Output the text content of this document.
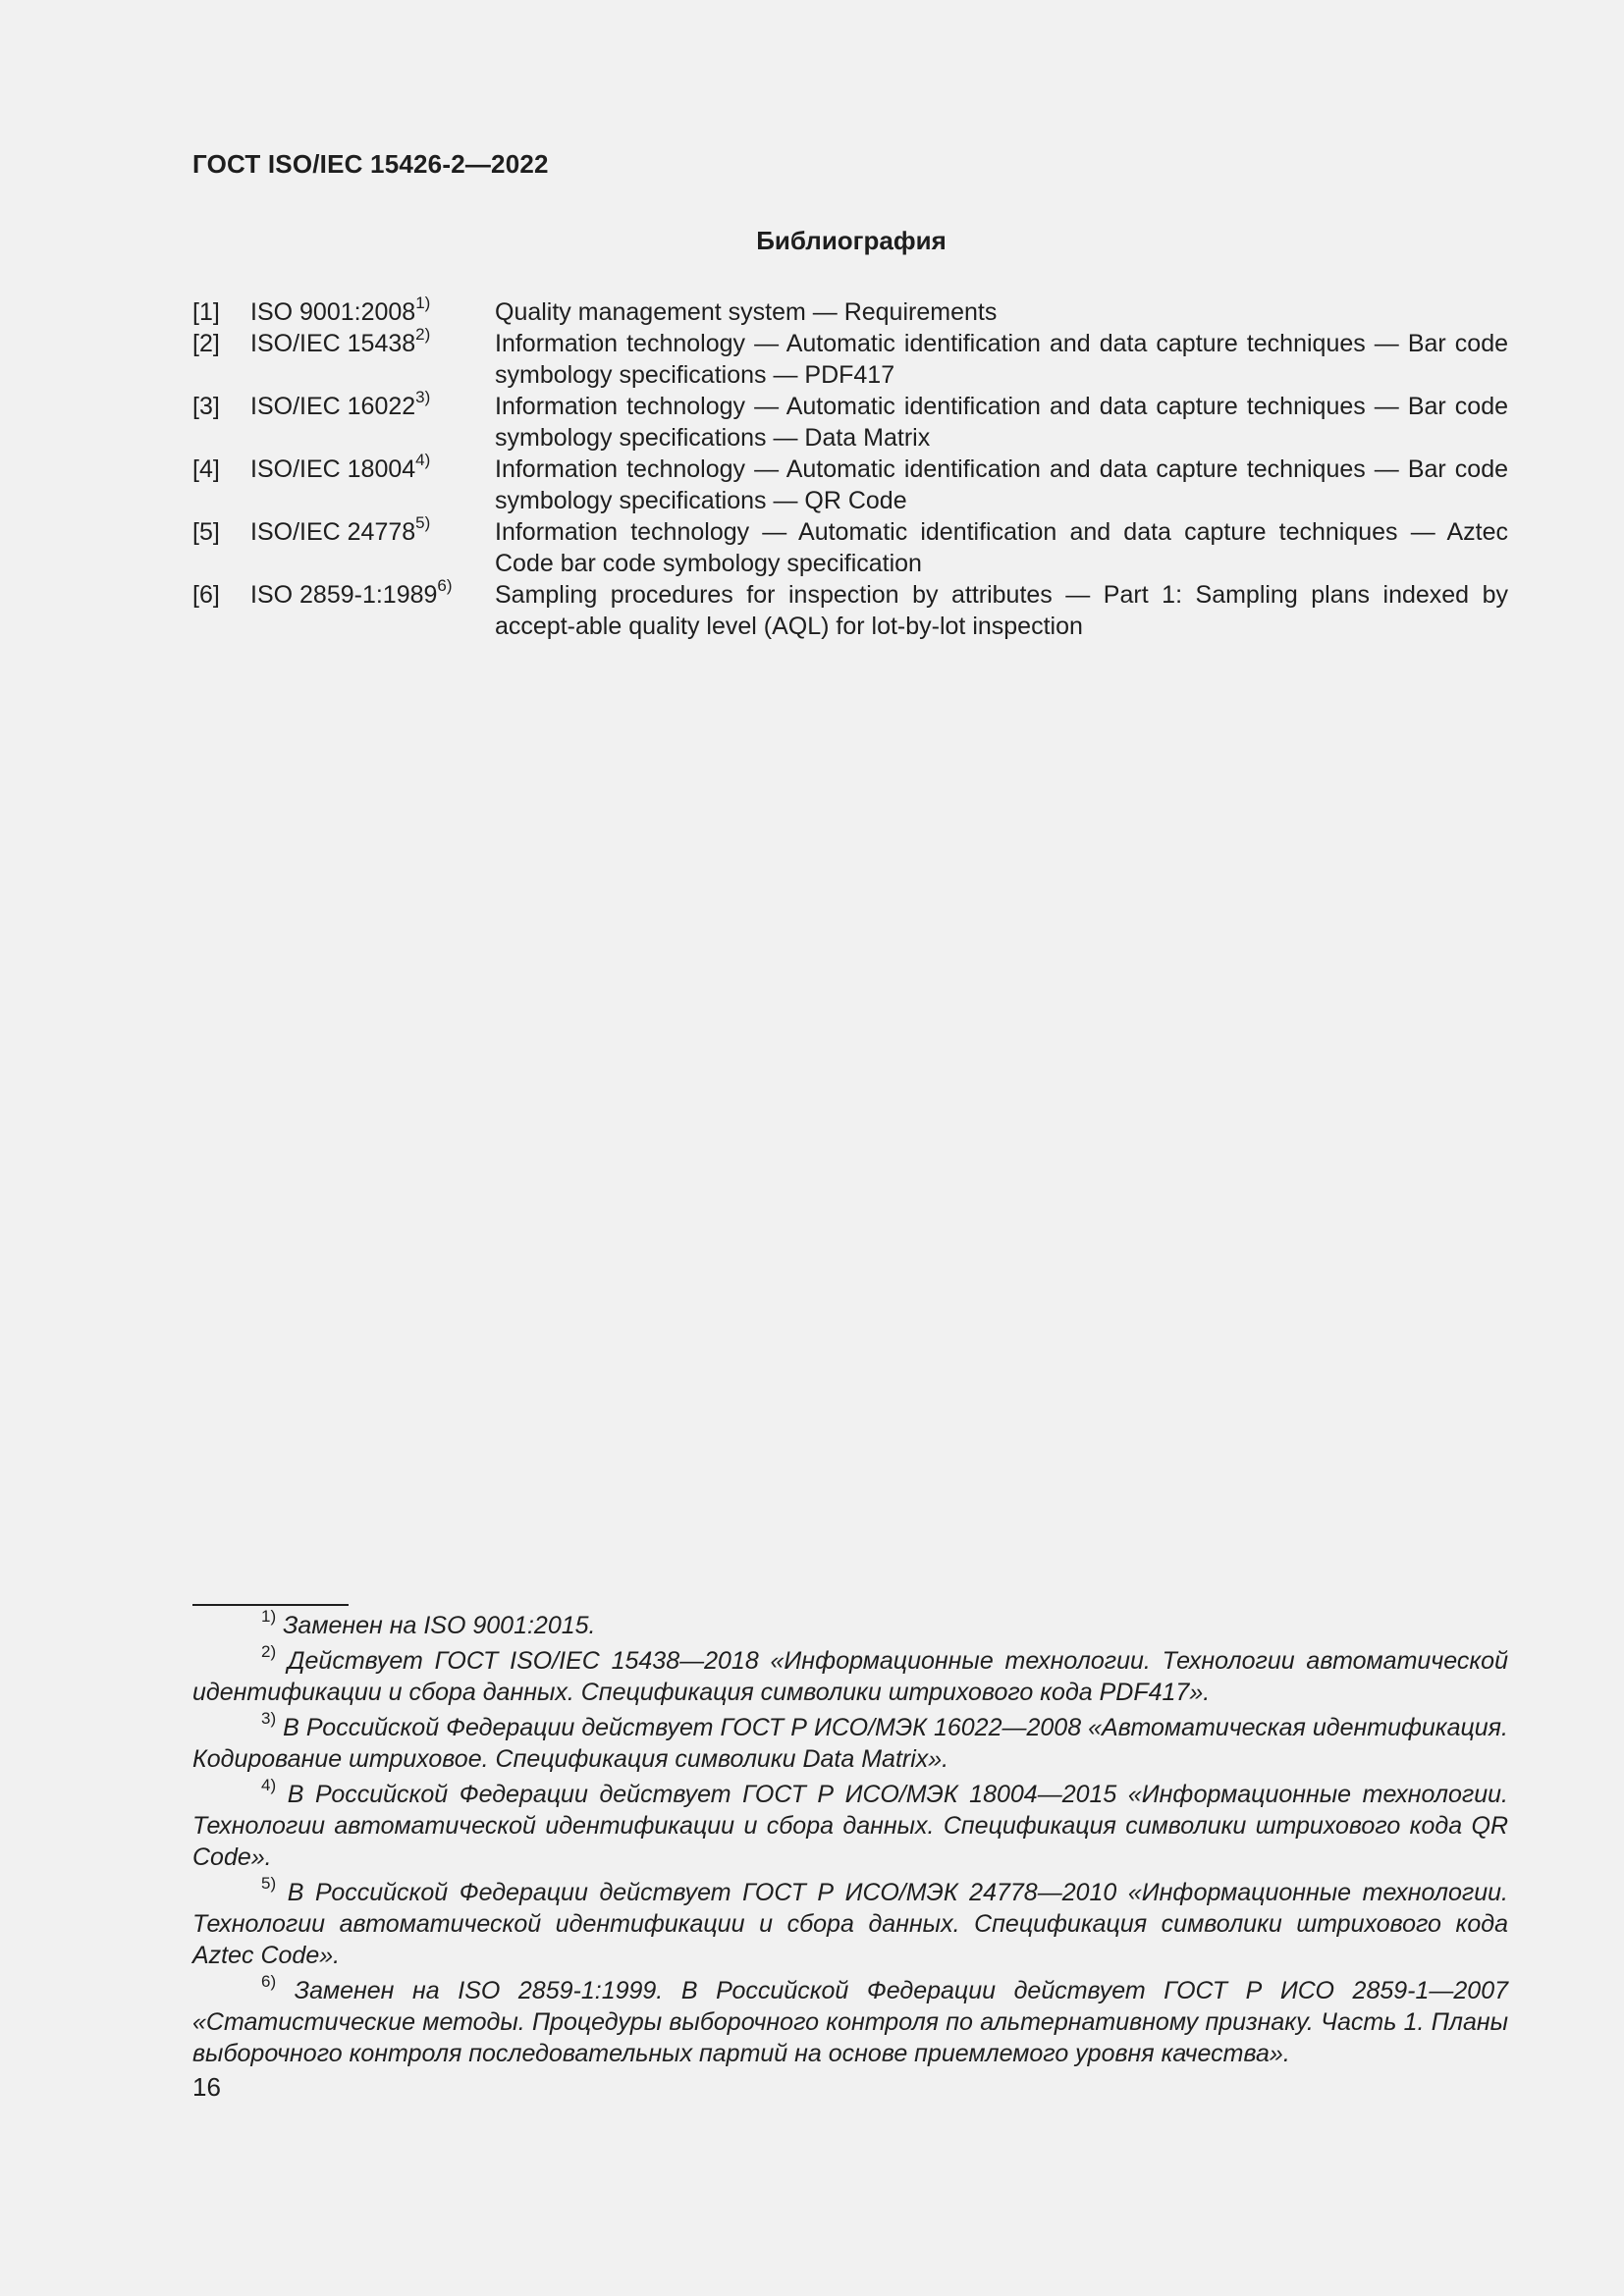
ГОСТ ISO/IEC 15426-2—2022
Библиография
[1]	ISO 9001:2008$^{1)}$	Quality management system — Requirements
[2]	ISO/IEC 15438$^{2)}$	Information technology — Automatic identification and data capture techniques — Bar code symbology specifications — PDF417
[3]	ISO/IEC 16022$^{3)}$	Information technology — Automatic identification and data capture techniques — Bar code symbology specifications — Data Matrix
[4]	ISO/IEC 18004$^{4)}$	Information technology — Automatic identification and data capture techniques — Bar code symbology specifications — QR Code
[5]	ISO/IEC 24778$^{5)}$	Information technology — Automatic identification and data capture techniques — Aztec Code bar code symbology specification
[6]	ISO 2859-1:1989$^{6)}$	Sampling procedures for inspection by attributes — Part 1: Sampling plans indexed by accept-able quality level (AQL) for lot-by-lot inspection
$^{1)}$ Заменен на ISO 9001:2015.
$^{2)}$ Действует ГОСТ ISO/IEC 15438—2018 «Информационные технологии. Технологии автоматической идентификации и сбора данных. Спецификация символики штрихового кода PDF417».
$^{3)}$ В Российской Федерации действует ГОСТ Р ИСО/МЭК 16022—2008 «Автоматическая идентификация. Кодирование штриховое. Спецификация символики Data Matrix».
$^{4)}$ В Российской Федерации действует ГОСТ Р ИСО/МЭК 18004—2015 «Информационные технологии. Технологии автоматической идентификации и сбора данных. Спецификация символики штрихового кода QR Code».
$^{5)}$ В Российской Федерации действует ГОСТ Р ИСО/МЭК 24778—2010 «Информационные технологии. Технологии автоматической идентификации и сбора данных. Спецификация символики штрихового кода Aztec Code».
$^{6)}$ Заменен на ISO 2859-1:1999. В Российской Федерации действует ГОСТ Р ИСО 2859-1—2007 «Статистические методы. Процедуры выборочного контроля по альтернативному признаку. Часть 1. Планы выборочного контроля последовательных партий на основе приемлемого уровня качества».
16
